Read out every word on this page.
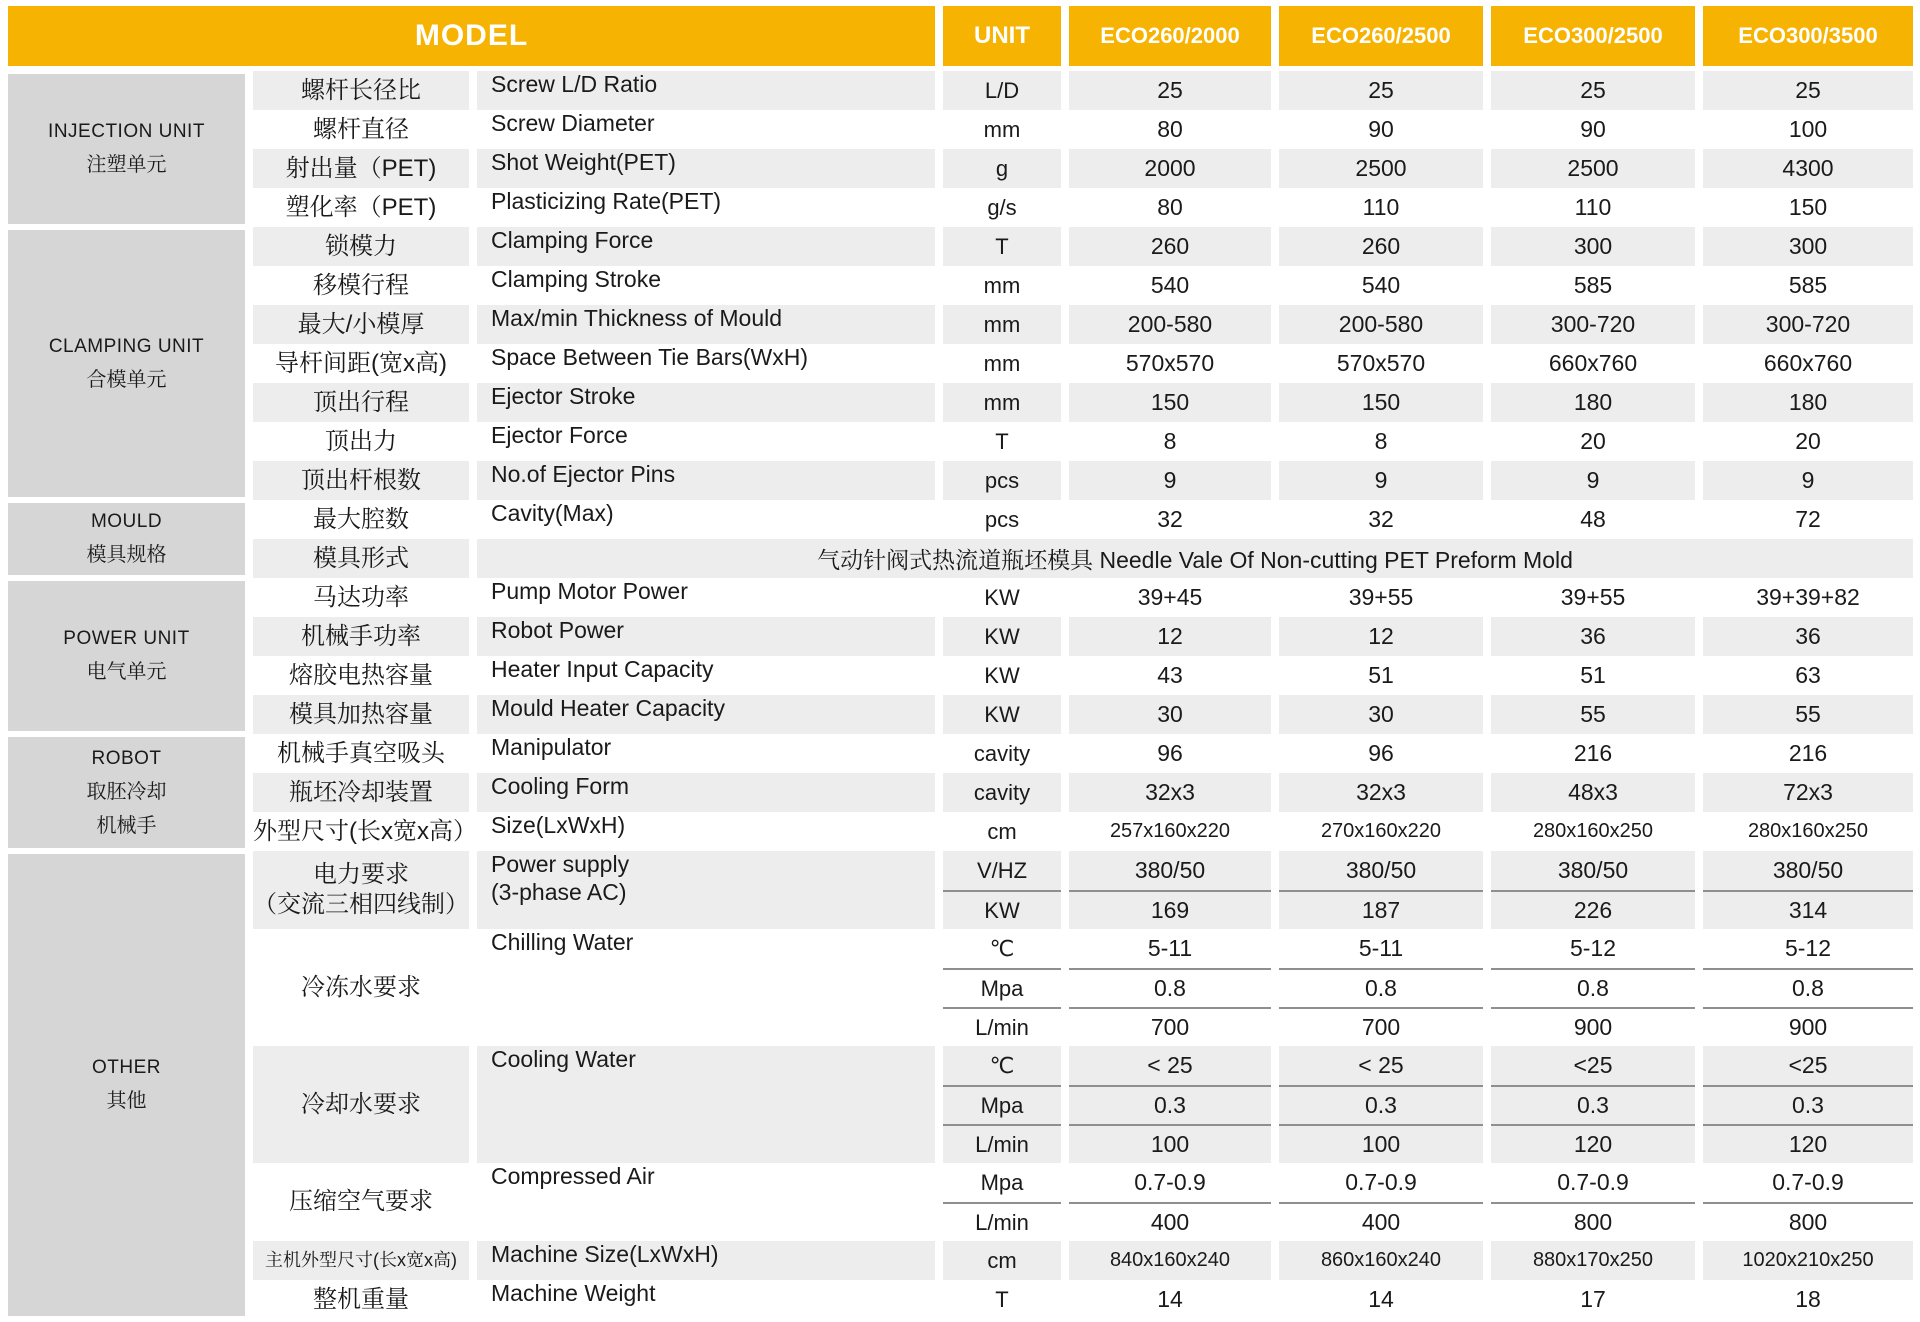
MODEL	UNIT	ECO260/2000	ECO260/2500	ECO300/2500	ECO300/3500
INJECTION UNIT
注塑单元
螺杆长径比	Screw L/D Ratio	L/D	25	25	25	25
螺杆直径	Screw Diameter	mm	80	90	90	100
射出量（PET) Shot Weight(PET)	g	2000	2500	2500	4300
塑化率（PET) Plasticizing Rate(PET)	g/s	80	110	110	150
CLAMPING UNIT
合模单元
锁模力	Clamping Force	T	260	260	300	300
移模行程	Clamping Stroke	mm	540	540	585	585
最大/小模厚	Max/min Thickness of Mould	mm	200-580	200-580	300-720	300-720
导杆间距(宽x高) Space Between Tie Bars(WxH)	mm	570x570	570x570	660x760	660x760
顶出行程	Ejector Stroke	mm	150	150	180	180
顶出力	Ejector Force	T	8	8	20	20
顶出杆根数	No.of Ejector Pins	pcs	9	9	9	9
MOULD
模具规格
最大腔数	Cavity(Max)	pcs	32	32	48	72
模具形式	气动针阀式热流道瓶坯模具 Needle Vale Of Non-cutting PET Preform Mold
POWER UNIT
电气单元
马达功率	Pump Motor Power	KW	39+45	39+55	39+55	39+39+82
机械手功率	Robot Power	KW	12	12	36	36
熔胶电热容量	Heater Input Capacity	KW	43	51	51	63
模具加热容量	Mould Heater Capacity	KW	30	30	55	55
ROBOT
取胚冷却
机械手
机械手真空吸头 Manipulator	cavity	96	96	216	216
瓶坯冷却装置	Cooling Form	cavity	32x3	32x3	48x3	72x3
外型尺寸(长x宽x高） Size(LxWxH)	cm	257x160x220	270x160x220	280x160x250	280x160x250
OTHER
其他
电力要求
（交流三相四线制）
Power supply
(3-phase AC)
V/HZ	380/50	380/50	380/50	380/50
KW	169	187	226	314
冷冻水要求
Chilling Water	℃	5-11	5-11	5-12	5-12
Mpa	0.8	0.8	0.8	0.8
L/min	700	700	900	900
冷却水要求
Cooling Water	℃	< 25	< 25	<25	<25
Mpa	0.3	0.3	0.3	0.3
L/min	100	100	120	120
压缩空气要求
Compressed Air	Mpa	0.7-0.9	0.7-0.9	0.7-0.9	0.7-0.9
L/min	400	400	800	800
主机外型尺寸(长x宽x高) Machine Size(LxWxH)	cm	840x160x240	860x160x240	880x170x250	1020x210x250
整机重量	Machine Weight	T	14	14	17	18
